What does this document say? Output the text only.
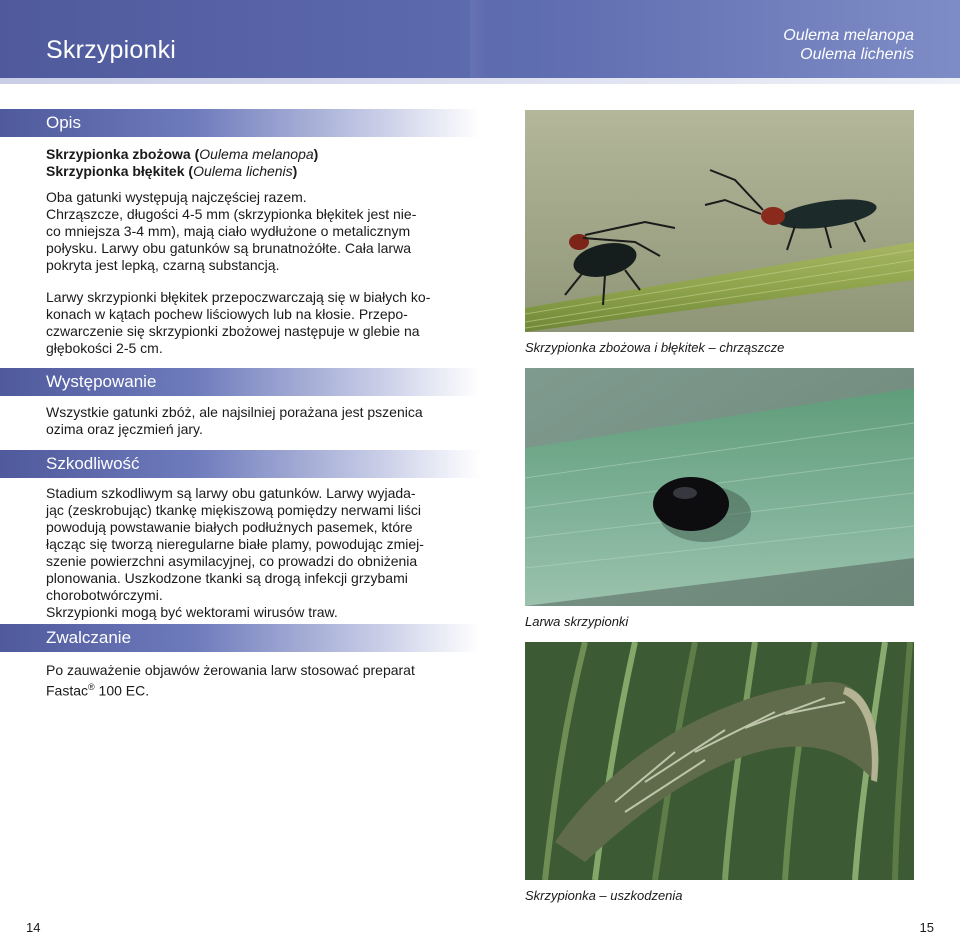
Skrzypionki
Oulema melanopa
Oulema lichenis
Opis
Skrzypionka zbożowa (Oulema melanopa)
Skrzypionka błękitek (Oulema lichenis)
Oba gatunki występują najczęściej razem.
Chrząszcze, długości 4-5 mm (skrzypionka błękitek jest nie-
co mniejsza 3-4 mm), mają ciało wydłużone o metalicznym
połysku. Larwy obu gatunków są brunatnożółte. Cała larwa
pokryta jest lepką, czarną substancją.
Larwy skrzypionki błękitek przepoczwarczają się w białych ko-
konach w kątach pochew liściowych lub na kłosie. Przepo-
czwarczenie się skrzypionki zbożowej następuje w glebie na
głębokości 2-5 cm.
Występowanie
Wszystkie gatunki zbóż, ale najsilniej porażana jest pszenica
ozima oraz jęczmień jary.
Szkodliwość
Stadium szkodliwym są larwy obu gatunków. Larwy wyjada-
jąc (zeskrobując) tkankę miękiszową pomiędzy nerwami liści
powodują powstawanie białych podłużnych pasemek, które
łącząc się tworzą nieregularne białe plamy, powodując zmiej-
szenie powierzchni asymilacyjnej, co prowadzi do obniżenia
plonowania. Uszkodzone tkanki są drogą infekcji grzybami
chorobotwórczymi.
Skrzypionki mogą być wektorami wirusów traw.
Zwalczanie
Po zauważenie objawów żerowania larw stosować preparat
Fastac® 100 EC.
Skrzypionka zbożowa i błękitek – chrząszcze
Larwa skrzypionki
Skrzypionka – uszkodzenia
14	15
